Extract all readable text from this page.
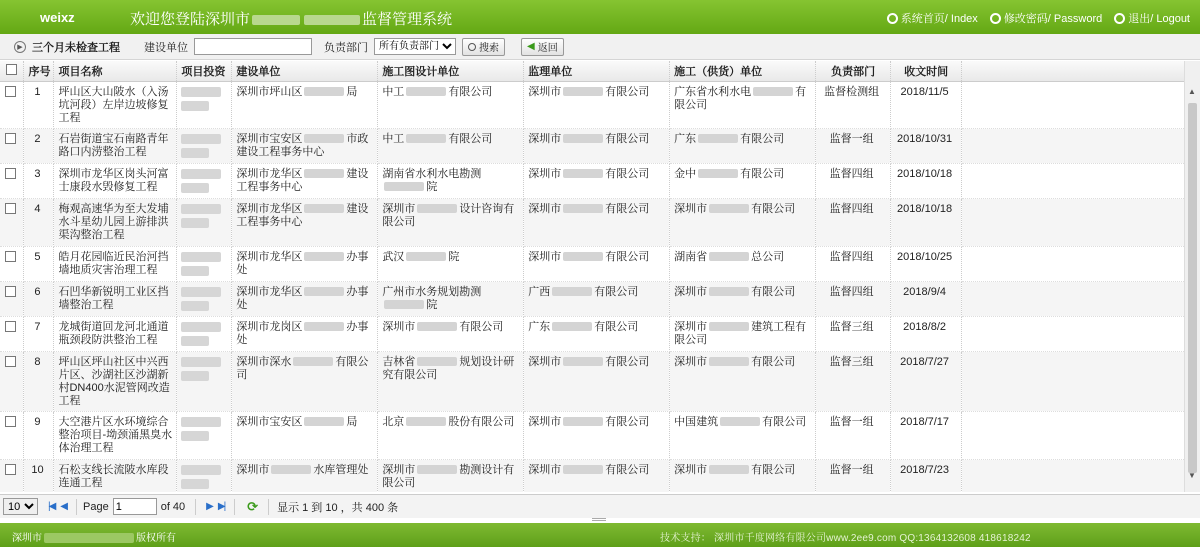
weixz	欢迎您登陆深圳市	监督管理系统	系统首页/ Index 修改密码/ Password 退出/ Logout
▶ 三个月未检查工程 建设单位	负责部门
所有负责部门	搜索	◀ 返回
	序号	项目名称	项目投资	建设单位	施工图设计单位	监理单位	施工（供货）单位	负责部门	收文时间	
	1	坪山区大山陂水（入汤坑河段）左岸边坡修复工程		深圳市坪山区 局	中工 有限公司	深圳市 有限公司	广东省水利水电 有限公司	监督检测组	2018/11/5	
	2	石岩街道宝石南路青年路口内涝整治工程		深圳市宝安区 市政建设工程事务中心	中工 有限公司	深圳市 有限公司	广东 有限公司	监督一组	2018/10/31	
	3	深圳市龙华区岗头河富士康段水毁修复工程		深圳市龙华区 建设工程事务中心	湖南省水利水电勘测院	深圳市 有限公司	金中 有限公司	监督四组	2018/10/18	
	4	梅观高速华为至大发埔水斗星幼儿园上游排洪渠沟整治工程		深圳市龙华区 建设工程事务中心	深圳市 设计咨询有限公司	深圳市 有限公司	深圳市 有限公司	监督四组	2018/10/18	
	5	皓月花园临近民治河挡墙地质灾害治理工程		深圳市龙华区 办事处	武汉 院	深圳市 有限公司	湖南省 总公司	监督四组	2018/10/25	
	6	石凹华新锐明工业区挡墙整治工程		深圳市龙华区 办事处	广州市水务规划勘测院	广西 有限公司	深圳市 有限公司	监督四组	2018/9/4	
	7	龙城街道回龙河北通道瓶颈段防洪整治工程		深圳市龙岗区 办事处	深圳市 有限公司	广东 有限公司	深圳市 建筑工程有限公司	监督三组	2018/8/2	
	8	坪山区坪山社区中兴西片区、沙湖社区沙湖新村DN400水泥管网改造工程		深圳市深水 有限公司	吉林省 规划设计研究有限公司	深圳市 有限公司	深圳市 有限公司	监督三组	2018/7/27	
	9	大空港片区水环境综合整治项目-坳颈涌黑臭水体治理工程		深圳市宝安区 局	北京 股份有限公司	深圳市 有限公司	中国建筑 有限公司	监督一组	2018/7/17	
	10	石松支线长流陂水库段连通工程		深圳市 水库管理处	深圳市 勘测设计有限公司	深圳市 有限公司	深圳市 有限公司	监督一组	2018/7/23	
▲
▼
10
|◀ ◀ Page
1	of 40 ▶ ▶| ⟳ 显示 1 到 10 ，共 400 条
深圳市	版权所有	技术支持： 深圳市千度网络有限公司www.2ee9.com QQ:1364132608 418618242
